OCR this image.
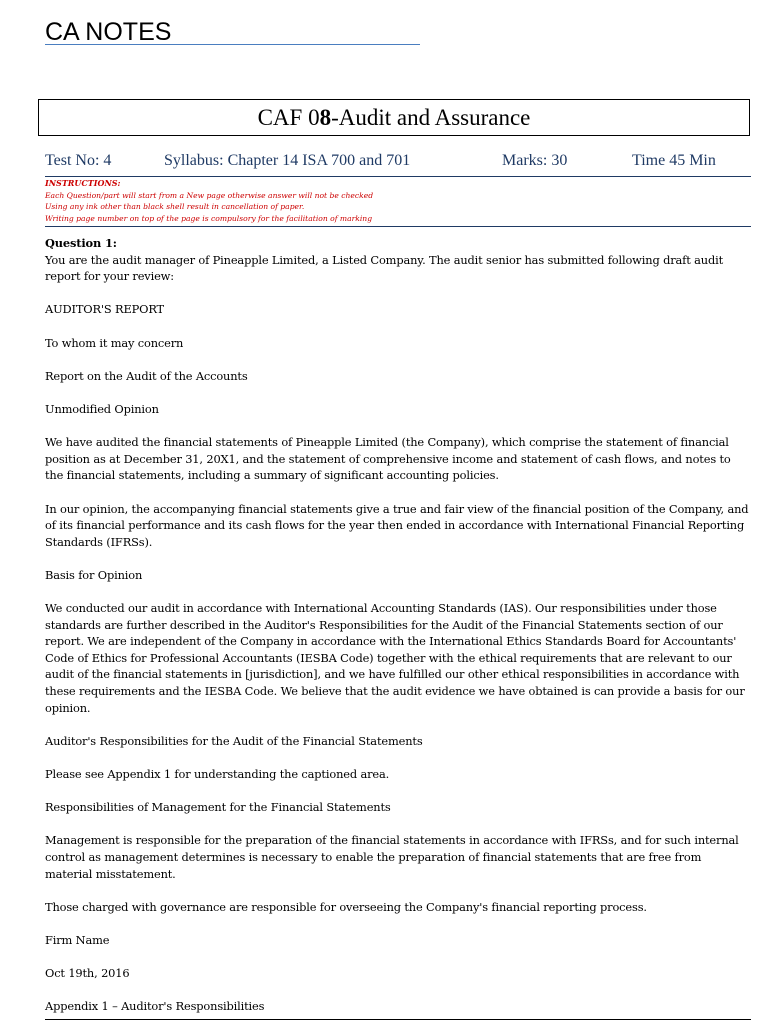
CA NOTES
CAF 08-Audit and Assurance
Test No: 4	Syllabus: Chapter 14 ISA 700 and 701	Marks: 30	Time 45 Min
INSTRUCTIONS:
Each Question/part will start from a New page otherwise answer will not be checked
Using any ink other than black shell result in cancellation of paper.
Writing page number on top of the page is compulsory for the facilitation of marking

Question 1:

You are the audit manager of Pineapple Limited, a Listed Company. The audit senior has submitted following draft audit report for your review:

AUDITOR'S REPORT

To whom it may concern

Report on the Audit of the Accounts

Unmodified Opinion

We have audited the financial statements of Pineapple Limited (the Company), which comprise the statement of financial position as at December 31, 20X1, and the statement of comprehensive income and statement of cash flows, and notes to the financial statements, including a summary of significant accounting policies.

In our opinion, the accompanying financial statements give a true and fair view of the financial position of the Company, and of its financial performance and its cash flows for the year then ended in accordance with International Financial Reporting Standards (IFRSs).

Basis for Opinion

We conducted our audit in accordance with International Accounting Standards (IAS). Our responsibilities under those standards are further described in the Auditor's Responsibilities for the Audit of the Financial Statements section of our report. We are independent of the Company in accordance with the International Ethics Standards Board for Accountants' Code of Ethics for Professional Accountants (IESBA Code) together with the ethical requirements that are relevant to our audit of the financial statements in [jurisdiction], and we have fulfilled our other ethical responsibilities in accordance with these requirements and the IESBA Code. We believe that the audit evidence we have obtained is can provide a basis for our opinion.

Auditor's Responsibilities for the Audit of the Financial Statements

Please see Appendix 1 for understanding the captioned area.

Responsibilities of Management for the Financial Statements

Management is responsible for the preparation of the financial statements in accordance with IFRSs, and for such internal control as management determines is necessary to enable the preparation of financial statements that are free from material misstatement.

Those charged with governance are responsible for overseeing the Company's financial reporting process.

Firm Name

Oct 19th, 2016

Appendix 1 – Auditor's Responsibilities
